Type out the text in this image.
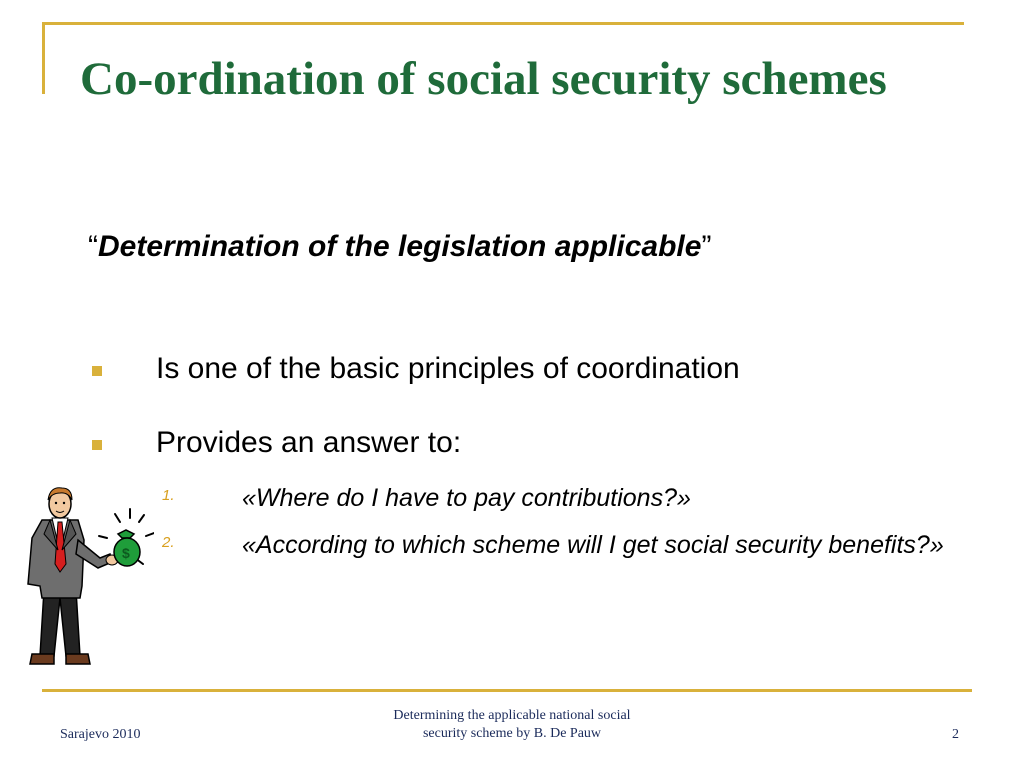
Co-ordination of social security schemes
“Determination of the legislation applicable”
Is one of the basic principles of coordination
Provides an answer to:
1.	«Where do I have to pay contributions?»
2.	«According to which scheme will I get social security benefits?»
$
Sarajevo 2010
Determining the applicable national social
security scheme by B. De Pauw	2
